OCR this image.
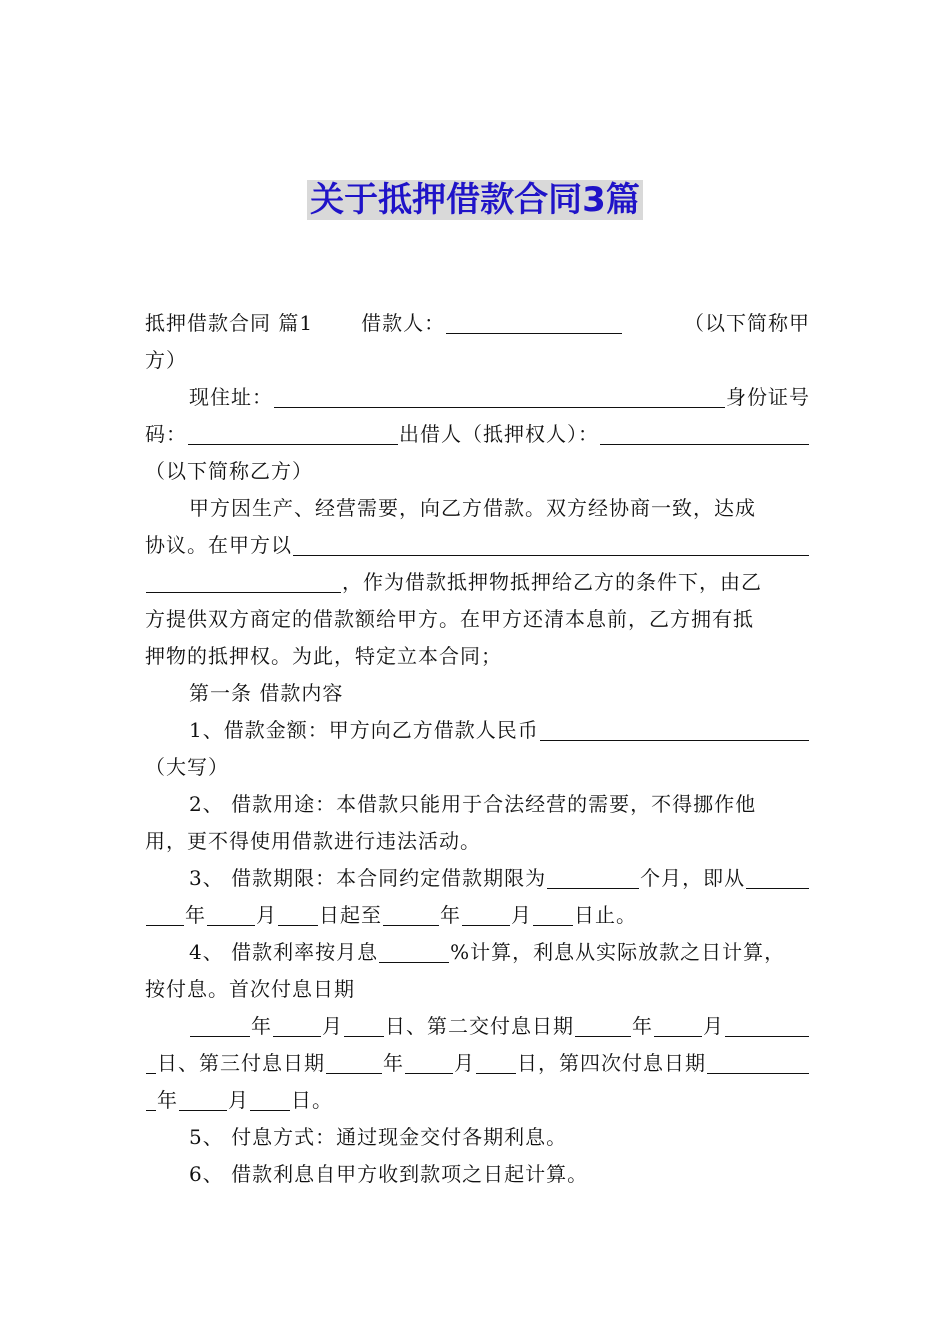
关于抵押借款合同3篇
抵押借款合同 篇1 借款人：	（以下简称甲
方）
现住址：	身份证号
码：	出借人（抵押权人）：
（以下简称乙方）
甲方因生产、经营需要，向乙方借款。双方经协商一致，达成
协议。在甲方以
，作为借款抵押物抵押给乙方的条件下，由乙
方提供双方商定的借款额给甲方。在甲方还清本息前，乙方拥有抵
押物的抵押权。为此，特定立本合同；
第一条 借款内容
1、借款金额：甲方向乙方借款人民币
（大写）
2、 借款用途：本借款只能用于合法经营的需要，不得挪作他
用，更不得使用借款进行违法活动。
3、 借款期限：本合同约定借款期限为	个月，即从
年	月 日起至	年	月 日止。
4、 借款利率按月息	%计算，利息从实际放款之日计算，
按付息。首次付息日期
年	月 日、第二交付息日期	年	月
日、第三付息日期	年	月 日，第四次付息日期
年	月 日。
5、 付息方式：通过现金交付各期利息。
6、 借款利息自甲方收到款项之日起计算。
